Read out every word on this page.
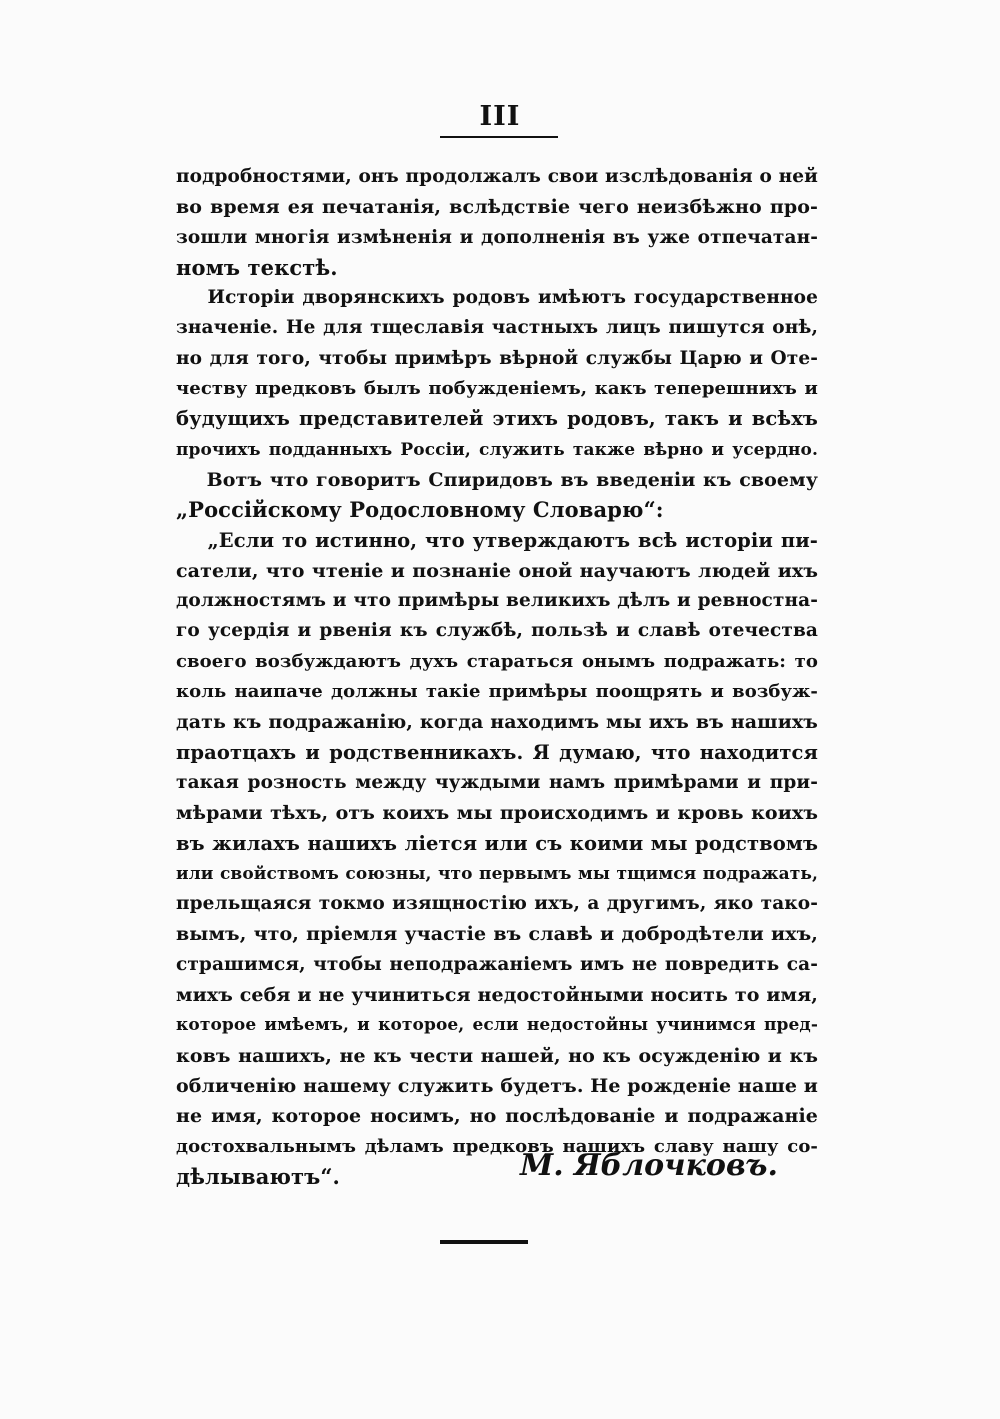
III
подробностями, онъ продолжалъ свои изслѣдованія о ней
во время ея печатанія, вслѣдствіе чего неизбѣжно про-
зошли многія измѣненія и дополненія въ уже отпечатан-
номъ текстѣ.
Исторіи дворянскихъ родовъ имѣютъ государственное
значеніе. Не для тщеславія частныхъ лицъ пишутся онѣ,
но для того, чтобы примѣръ вѣрной службы Царю и Оте-
честву предковъ былъ побужденіемъ, какъ теперешнихъ и
будущихъ представителей этихъ родовъ, такъ и всѣхъ
прочихъ подданныхъ Россіи, служить также вѣрно и усердно.
Вотъ что говоритъ Спиридовъ въ введеніи къ своему
„Россійскому Родословному Словарю“:
„Если то истинно, что утверждаютъ всѣ исторіи пи-
сатели, что чтеніе и познаніе оной научаютъ людей ихъ
должностямъ и что примѣры великихъ дѣлъ и ревностна-
го усердія и рвенія къ службѣ, пользѣ и славѣ отечества
своего возбуждаютъ духъ стараться онымъ подражать: то
коль наипаче должны такіе примѣры поощрять и возбуж-
дать къ подражанію, когда находимъ мы ихъ въ нашихъ
праотцахъ и родственникахъ. Я думаю, что находится
такая розность между чуждыми намъ примѣрами и при-
мѣрами тѣхъ, отъ коихъ мы происходимъ и кровь коихъ
въ жилахъ нашихъ ліется или съ коими мы родствомъ
или свойствомъ союзны, что первымъ мы тщимся подражать,
прельщаяся токмо изящностію ихъ, а другимъ, яко тако-
вымъ, что, пріемля участіе въ славѣ и добродѣтели ихъ,
страшимся, чтобы неподражаніемъ имъ не повредить са-
михъ себя и не учиниться недостойными носить то имя,
которое имѣемъ, и которое, если недостойны учинимся пред-
ковъ нашихъ, не къ чести нашей, но къ осужденію и къ
обличенію нашему служить будетъ. Не рожденіе наше и
не имя, которое носимъ, но послѣдованіе и подражаніе
достохвальнымъ дѣламъ предковъ нашихъ славу нашу со-
дѣлываютъ“.	М. Яблочковъ.
